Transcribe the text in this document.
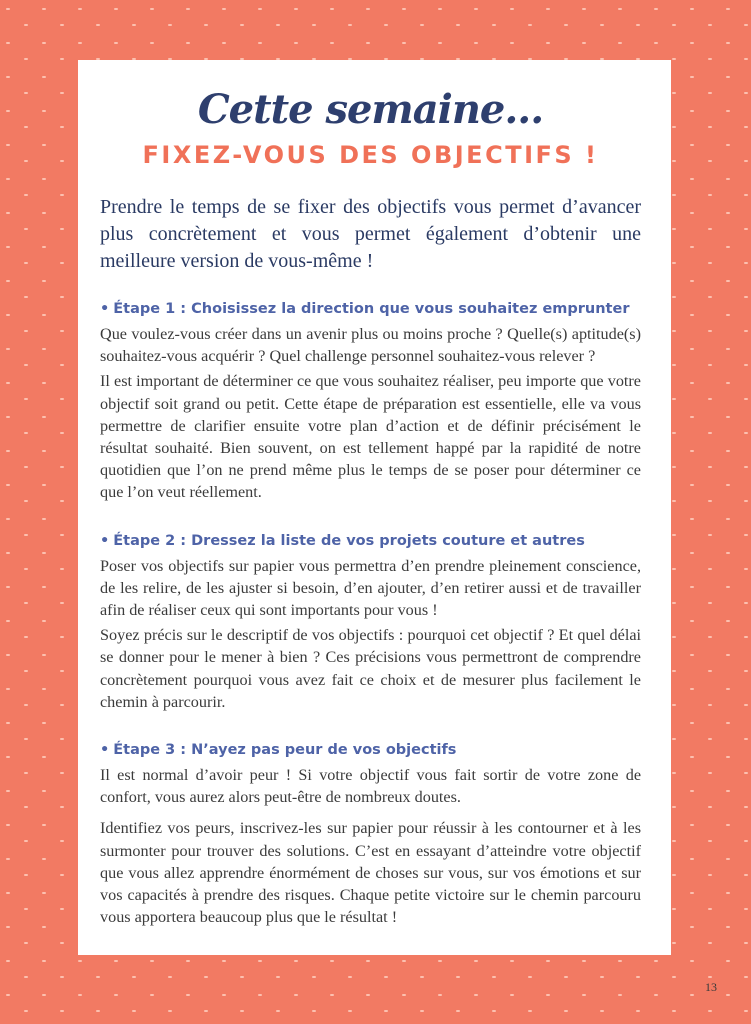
Cette semaine...
FIXEZ-VOUS DES OBJECTIFS !

Prendre le temps de se fixer des objectifs vous permet d’avancer plus concrètement et vous permet également d’obtenir une meilleure version de vous-même !

• Étape 1 : Choisissez la direction que vous souhaitez emprunter

Que voulez-vous créer dans un avenir plus ou moins proche ? Quelle(s) aptitude(s) souhaitez-vous acquérir ? Quel challenge personnel souhaitez-vous relever ?

Il est important de déterminer ce que vous souhaitez réaliser, peu importe que votre objectif soit grand ou petit. Cette étape de préparation est essentielle, elle va vous permettre de clarifier ensuite votre plan d’action et de définir précisément le résultat souhaité. Bien souvent, on est tellement happé par la rapidité de notre quotidien que l’on ne prend même plus le temps de se poser pour déterminer ce que l’on veut réellement.

• Étape 2 : Dressez la liste de vos projets couture et autres

Poser vos objectifs sur papier vous permettra d’en prendre pleinement conscience, de les relire, de les ajuster si besoin, d’en ajouter, d’en retirer aussi et de travailler afin de réaliser ceux qui sont importants pour vous !

Soyez précis sur le descriptif de vos objectifs : pourquoi cet objectif ? Et quel délai se donner pour le mener à bien ? Ces précisions vous permettront de comprendre concrètement pourquoi vous avez fait ce choix et de mesurer plus facilement le chemin à parcourir.

• Étape 3 : N’ayez pas peur de vos objectifs

Il est normal d’avoir peur ! Si votre objectif vous fait sortir de votre zone de confort, vous aurez alors peut-être de nombreux doutes.

Identifiez vos peurs, inscrivez-les sur papier pour réussir à les contourner et à les surmonter pour trouver des solutions. C’est en essayant d’atteindre votre objectif que vous allez apprendre énormément de choses sur vous, sur vos émotions et sur vos capacités à prendre des risques. Chaque petite victoire sur le chemin parcouru vous apportera beaucoup plus que le résultat !

13
